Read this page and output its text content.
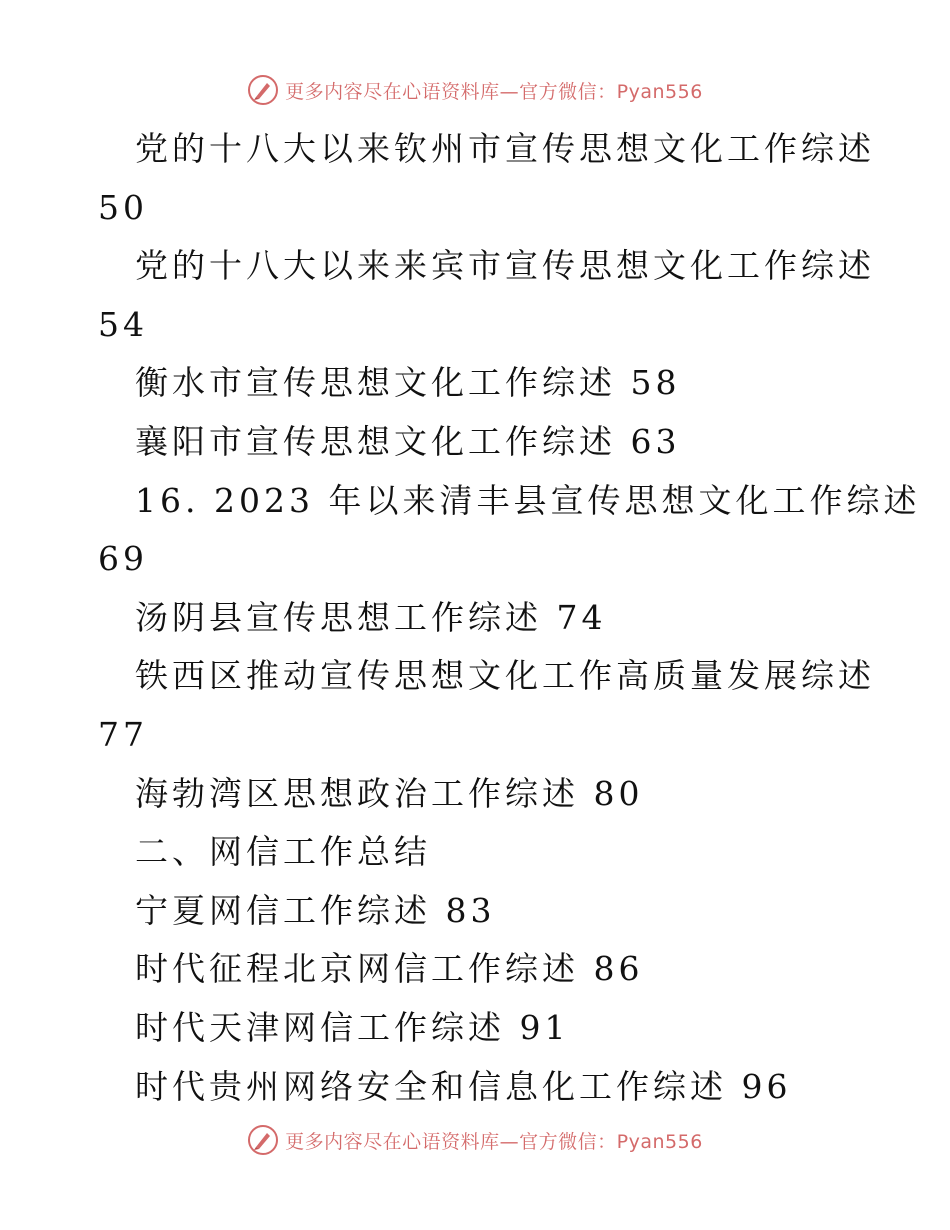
更多内容尽在心语资料库—官方微信：Pyan556
党的十八大以来钦州市宣传思想文化工作综述
50
党的十八大以来来宾市宣传思想文化工作综述
54
衡水市宣传思想文化工作综述 58
襄阳市宣传思想文化工作综述 63
16. 2023 年以来清丰县宣传思想文化工作综述
69
汤阴县宣传思想工作综述 74
铁西区推动宣传思想文化工作高质量发展综述
77
海勃湾区思想政治工作综述 80
二、网信工作总结
宁夏网信工作综述 83
时代征程北京网信工作综述 86
时代天津网信工作综述 91
时代贵州网络安全和信息化工作综述 96
更多内容尽在心语资料库—官方微信：Pyan556
